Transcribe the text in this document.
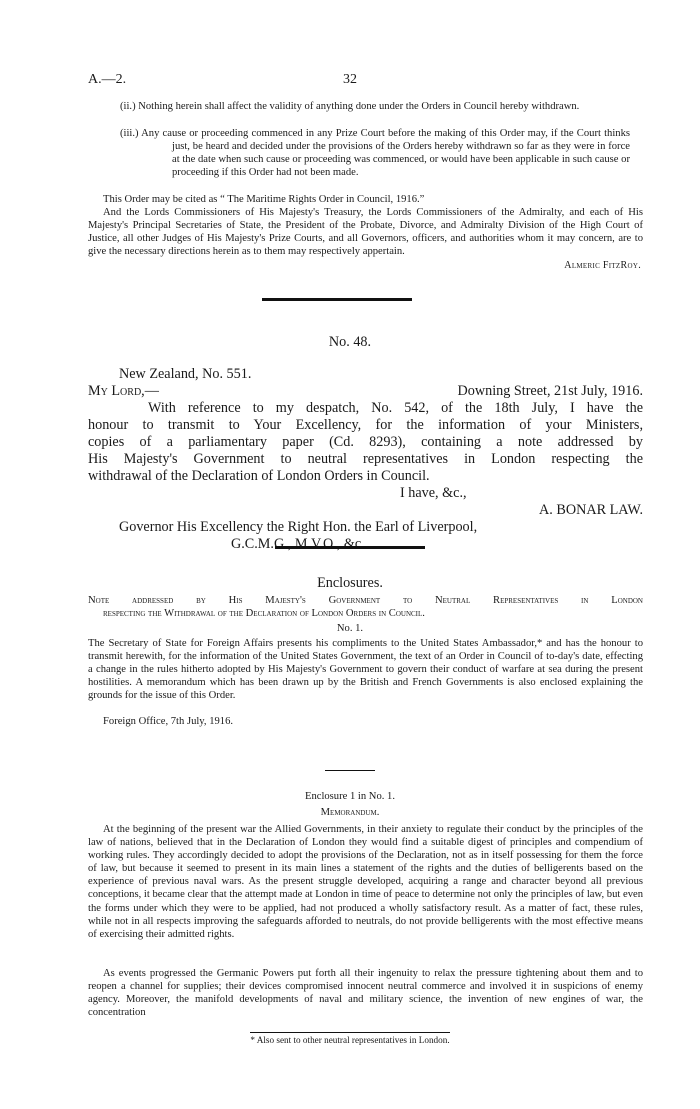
A.—2.	32
(ii.) Nothing herein shall affect the validity of anything done under the Orders in Council hereby withdrawn.
(iii.) Any cause or proceeding commenced in any Prize Court before the making of this Order may, if the Court thinks just, be heard and decided under the provisions of the Orders hereby withdrawn so far as they were in force at the date when such cause or proceeding was commenced, or would have been applicable in such cause or proceeding if this Order had not been made.
This Order may be cited as “ The Maritime Rights Order in Council, 1916.”
And the Lords Commissioners of His Majesty's Treasury, the Lords Commissioners of the Admiralty, and each of His Majesty's Principal Secretaries of State, the President of the Probate, Divorce, and Admiralty Division of the High Court of Justice, all other Judges of His Majesty's Prize Courts, and all Governors, officers, and authorities whom it may concern, are to give the necessary directions herein as to them may respectively appertain.
Almeric FitzRoy.
No. 48.
New Zealand, No. 551.
My Lord,—	Downing Street, 21st July, 1916.
With reference to my despatch, No. 542, of the 18th July, I have the
honour to transmit to Your Excellency, for the information of your Ministers,
copies of a parliamentary paper (Cd. 8293), containing a note addressed by
His Majesty's Government to neutral representatives in London respecting the
withdrawal of the Declaration of London Orders in Council.
I have, &c.,
A. BONAR LAW.
Governor His Excellency the Right Hon. the Earl of Liverpool,
G.C.M.G., M.V.O., &c.
Enclosures.
Note addressed by His Majesty's Government to Neutral Representatives in London
respecting the Withdrawal of the Declaration of London Orders in Council.
No. 1.
The Secretary of State for Foreign Affairs presents his compliments to the United States Ambassador,* and has the honour to transmit herewith, for the information of the United States Government, the text of an Order in Council of to-day's date, effecting a change in the rules hitherto adopted by His Majesty's Government to govern their conduct of warfare at sea during the present hostilities. A memorandum which has been drawn up by the British and French Governments is also enclosed explaining the grounds for the issue of this Order.
Foreign Office, 7th July, 1916.
Enclosure 1 in No. 1.
Memorandum.
At the beginning of the present war the Allied Governments, in their anxiety to regulate their conduct by the principles of the law of nations, believed that in the Declaration of London they would find a suitable digest of principles and compendium of working rules. They accordingly decided to adopt the provisions of the Declaration, not as in itself possessing for them the force of law, but because it seemed to present in its main lines a statement of the rights and the duties of belligerents based on the experience of previous naval wars. As the present struggle developed, acquiring a range and character beyond all previous conceptions, it became clear that the attempt made at London in time of peace to determine not only the principles of law, but even the forms under which they were to be applied, had not produced a wholly satisfactory result. As a matter of fact, these rules, while not in all respects improving the safeguards afforded to neutrals, do not provide belligerents with the most effective means of exercising their admitted rights.
As events progressed the Germanic Powers put forth all their ingenuity to relax the pressure tightening about them and to reopen a channel for supplies; their devices compromised innocent neutral commerce and involved it in suspicions of enemy agency. Moreover, the manifold developments of naval and military science, the invention of new engines of war, the concentration
* Also sent to other neutral representatives in London.
